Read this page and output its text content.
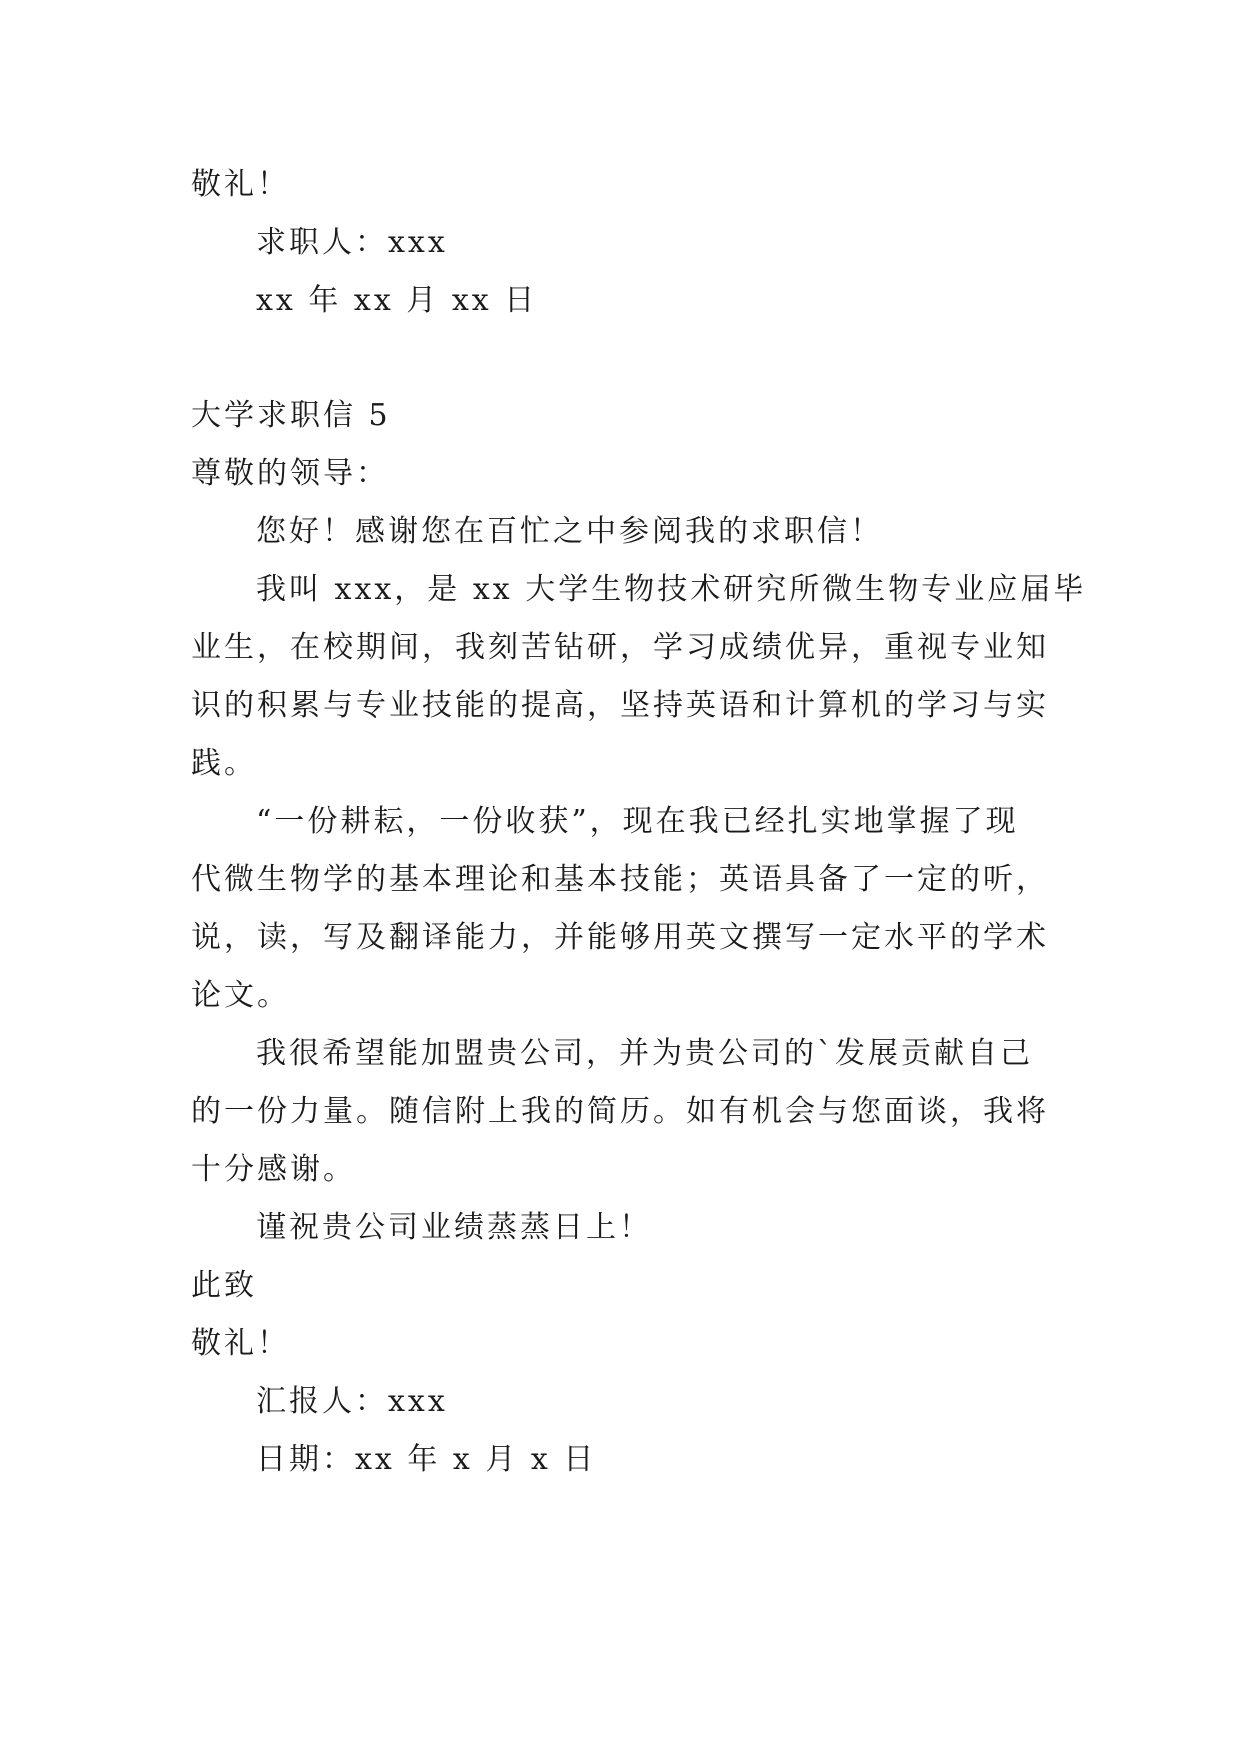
敬礼！
求职人：xxx
xx 年 xx 月 xx 日
大学求职信 5
尊敬的领导：
您好！感谢您在百忙之中参阅我的求职信！
我叫 xxx，是 xx 大学生物技术研究所微生物专业应届毕
业生，在校期间，我刻苦钻研，学习成绩优异，重视专业知
识的积累与专业技能的提高，坚持英语和计算机的学习与实
践。
“一份耕耘，一份收获”，现在我已经扎实地掌握了现
代微生物学的基本理论和基本技能；英语具备了一定的听，
说，读，写及翻译能力，并能够用英文撰写一定水平的学术
论文。
我很希望能加盟贵公司，并为贵公司的`发展贡献自己
的一份力量。随信附上我的简历。如有机会与您面谈，我将
十分感谢。
谨祝贵公司业绩蒸蒸日上！
此致
敬礼！
汇报人：xxx
日期：xx 年 x 月 x 日
